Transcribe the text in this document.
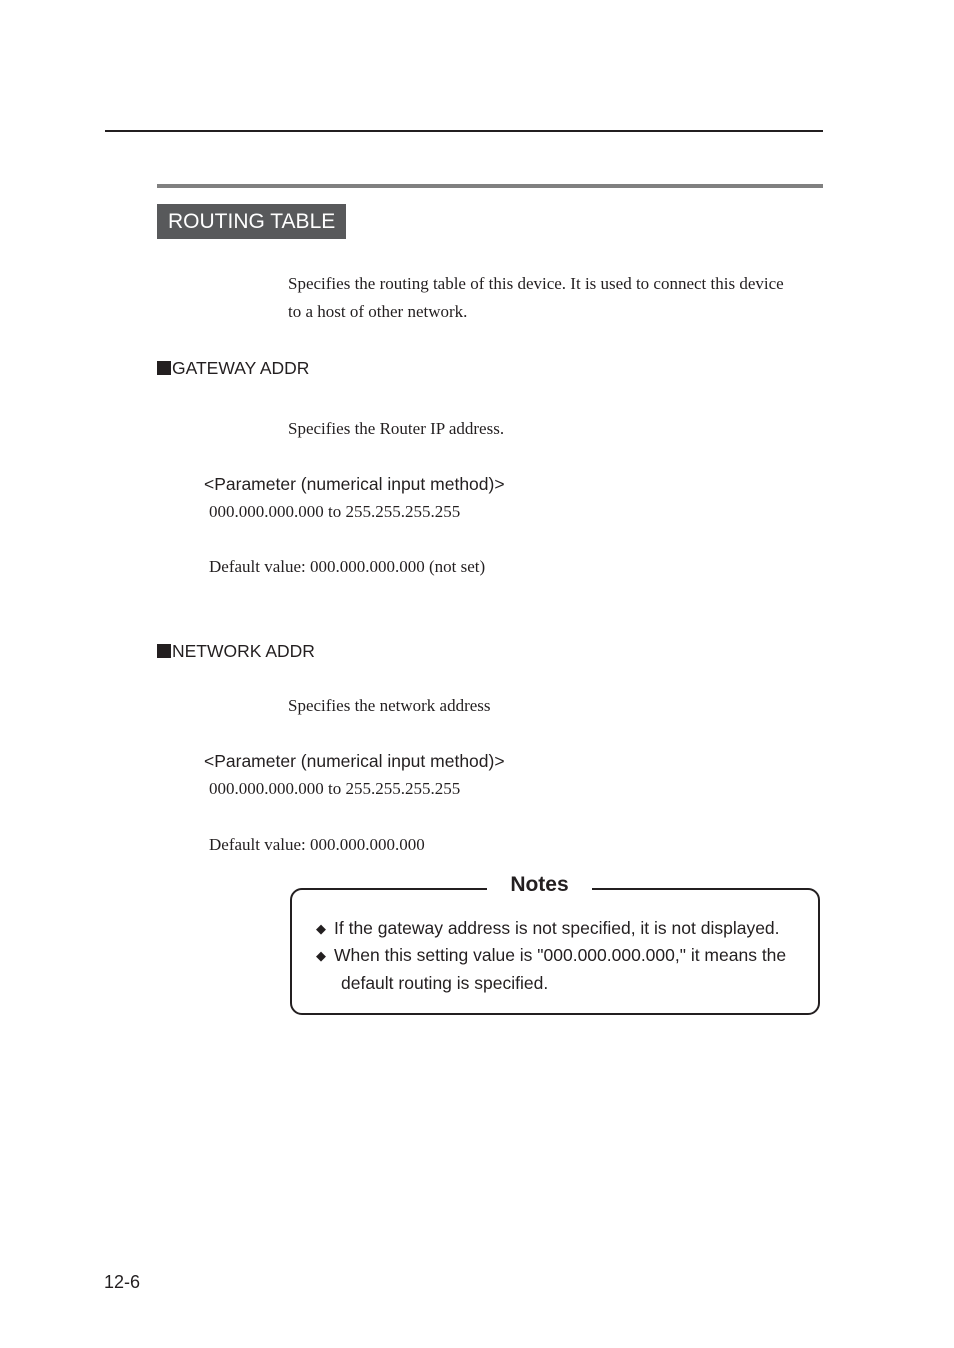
ROUTING TABLE
Specifies the routing table of this device. It is used to connect this device
to a host of other network.
GATEWAY ADDR
Specifies the Router IP address.
<Parameter (numerical input method)>
000.000.000.000 to 255.255.255.255
Default value: 000.000.000.000 (not set)
NETWORK ADDR
Specifies the network address
<Parameter (numerical input method)>
000.000.000.000 to 255.255.255.255
Default value: 000.000.000.000
Notes
◆ If the gateway address is not specified, it is not displayed.
◆ When this setting value is "000.000.000.000," it means the
default routing is specified.
12-6
